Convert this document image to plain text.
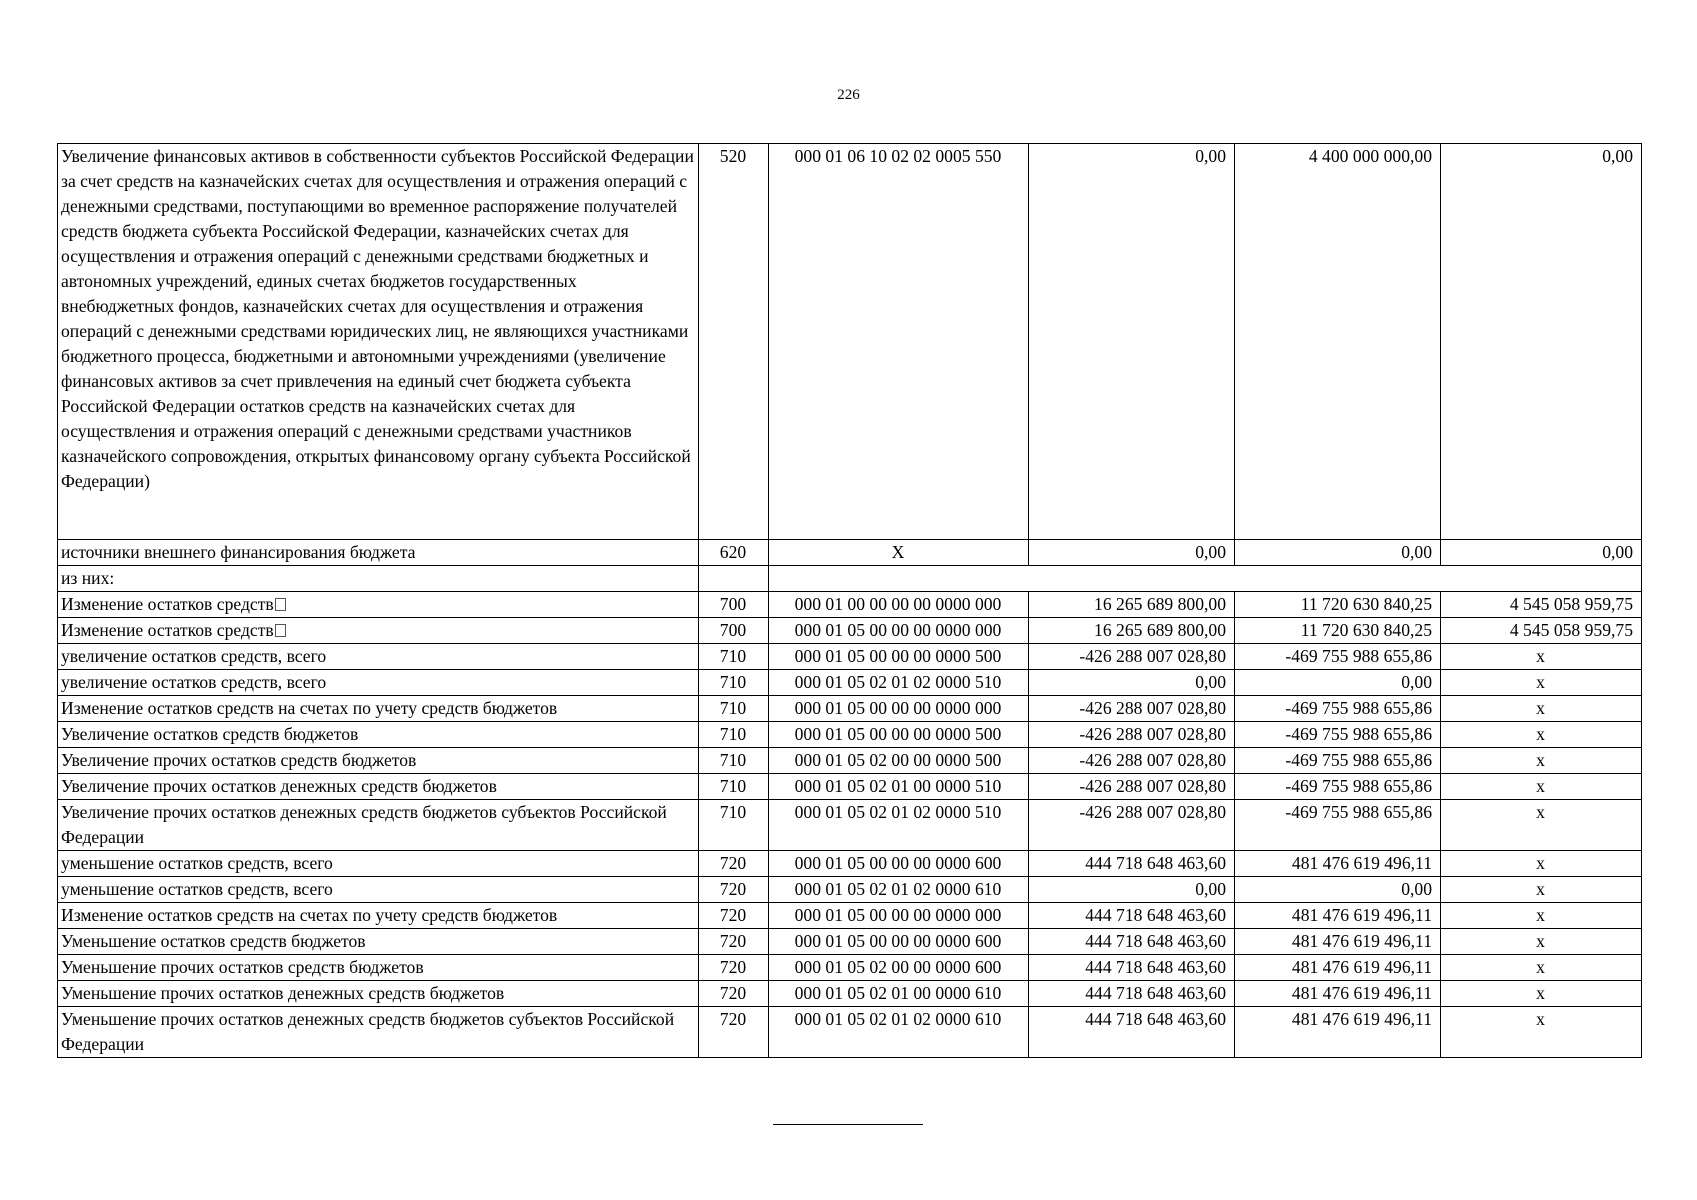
226
Увеличение финансовых активов в собственности субъектов Российской Федерации за счет средств на казначейских счетах для осуществления и отражения операций с денежными средствами, поступающими во временное распоряжение получателей средств бюджета субъекта Российской Федерации, казначейских счетах для осуществления и отражения операций с денежными средствами бюджетных и автономных учреждений, единых счетах бюджетов государственных внебюджетных фондов, казначейских счетах для осуществления и отражения операций с денежными средствами юридических лиц, не являющихся участниками бюджетного процесса, бюджетными и автономными учреждениями (увеличение финансовых активов за счет привлечения на единый счет бюджета субъекта Российской Федерации остатков средств на казначейских счетах для осуществления и отражения операций с денежными средствами участников казначейского сопровождения, открытых финансовому органу субъекта Российской Федерации)	520	000 01 06 10 02 02 0005 550	0,00	4 400 000 000,00	0,00
источники внешнего финансирования бюджета	620	Х	0,00	0,00	0,00
из них:					
Изменение остатков средств	700	000 01 00 00 00 00 0000 000	16 265 689 800,00	11 720 630 840,25	4 545 058 959,75
Изменение остатков средств	700	000 01 05 00 00 00 0000 000	16 265 689 800,00	11 720 630 840,25	4 545 058 959,75
увеличение остатков средств, всего	710	000 01 05 00 00 00 0000 500	-426 288 007 028,80	-469 755 988 655,86	x
увеличение остатков средств, всего	710	000 01 05 02 01 02 0000 510	0,00	0,00	x
Изменение остатков средств на счетах по учету средств бюджетов	710	000 01 05 00 00 00 0000 000	-426 288 007 028,80	-469 755 988 655,86	x
Увеличение остатков средств бюджетов	710	000 01 05 00 00 00 0000 500	-426 288 007 028,80	-469 755 988 655,86	x
Увеличение прочих остатков средств бюджетов	710	000 01 05 02 00 00 0000 500	-426 288 007 028,80	-469 755 988 655,86	x
Увеличение прочих остатков денежных средств бюджетов	710	000 01 05 02 01 00 0000 510	-426 288 007 028,80	-469 755 988 655,86	x
Увеличение прочих остатков денежных средств бюджетов субъектов Российской Федерации	710	000 01 05 02 01 02 0000 510	-426 288 007 028,80	-469 755 988 655,86	x
уменьшение остатков средств, всего	720	000 01 05 00 00 00 0000 600	444 718 648 463,60	481 476 619 496,11	x
уменьшение остатков средств, всего	720	000 01 05 02 01 02 0000 610	0,00	0,00	x
Изменение остатков средств на счетах по учету средств бюджетов	720	000 01 05 00 00 00 0000 000	444 718 648 463,60	481 476 619 496,11	x
Уменьшение остатков средств бюджетов	720	000 01 05 00 00 00 0000 600	444 718 648 463,60	481 476 619 496,11	x
Уменьшение прочих остатков средств бюджетов	720	000 01 05 02 00 00 0000 600	444 718 648 463,60	481 476 619 496,11	x
Уменьшение прочих остатков денежных средств бюджетов	720	000 01 05 02 01 00 0000 610	444 718 648 463,60	481 476 619 496,11	x
Уменьшение прочих остатков денежных средств бюджетов субъектов Российской Федерации	720	000 01 05 02 01 02 0000 610	444 718 648 463,60	481 476 619 496,11	x
